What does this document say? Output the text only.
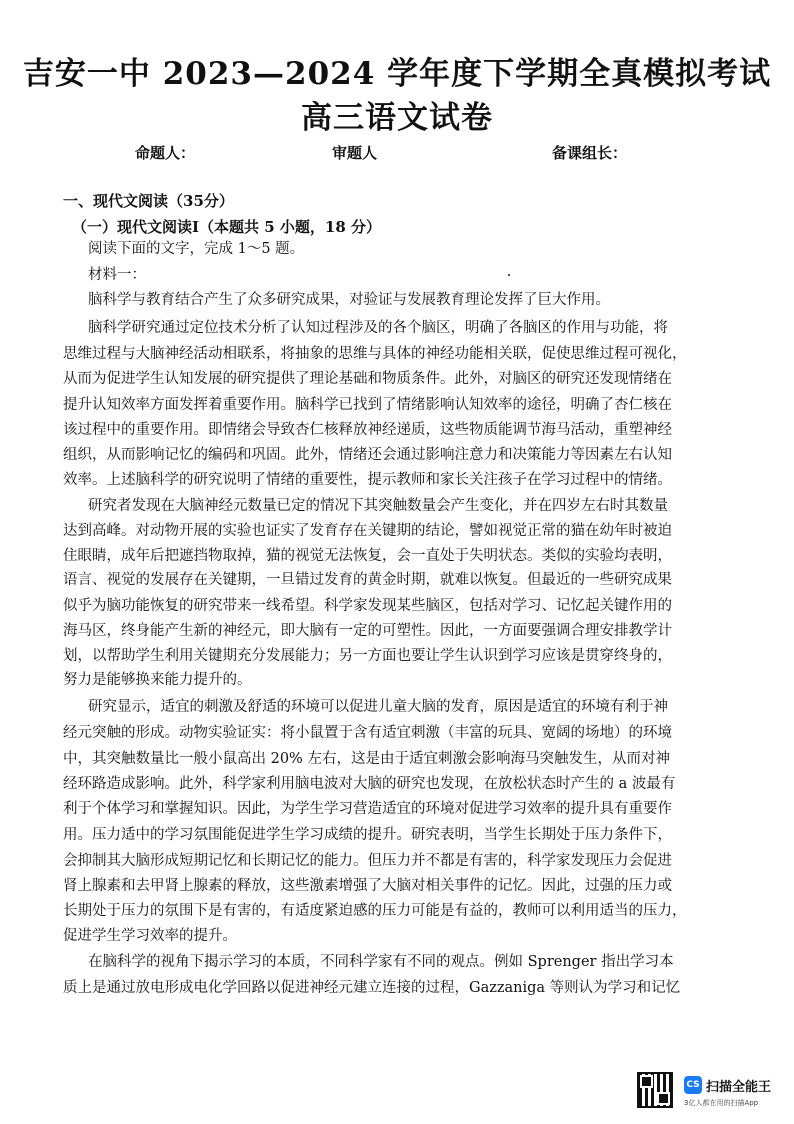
吉安一中 2023—2024 学年度下学期全真模拟考试
高三语文试卷
命题人：	审题人	备课组长：
一、现代文阅读（35分）
（一）现代文阅读Ⅰ（本题共 5 小题，18 分）
阅读下面的文字，完成 1～5 题。
材料一：
脑科学与教育结合产生了众多研究成果，对验证与发展教育理论发挥了巨大作用。
脑科学研究通过定位技术分析了认知过程涉及的各个脑区，明确了各脑区的作用与功能，将
思维过程与大脑神经活动相联系，将抽象的思维与具体的神经功能相关联，促使思维过程可视化，
从而为促进学生认知发展的研究提供了理论基础和物质条件。此外，对脑区的研究还发现情绪在
提升认知效率方面发挥着重要作用。脑科学已找到了情绪影响认知效率的途径，明确了杏仁核在
该过程中的重要作用。即情绪会导致杏仁核释放神经递质，这些物质能调节海马活动，重塑神经
组织，从而影响记忆的编码和巩固。此外，情绪还会通过影响注意力和决策能力等因素左右认知
效率。上述脑科学的研究说明了情绪的重要性，提示教师和家长关注孩子在学习过程中的情绪。
研究者发现在大脑神经元数量已定的情况下其突触数量会产生变化，并在四岁左右时其数量
达到高峰。对动物开展的实验也证实了发育存在关键期的结论，譬如视觉正常的猫在幼年时被迫
住眼睛，成年后把遮挡物取掉，猫的视觉无法恢复，会一直处于失明状态。类似的实验均表明，
语言、视觉的发展存在关键期，一旦错过发育的黄金时期，就难以恢复。但最近的一些研究成果
似乎为脑功能恢复的研究带来一线希望。科学家发现某些脑区，包括对学习、记忆起关键作用的
海马区，终身能产生新的神经元，即大脑有一定的可塑性。因此，一方面要强调合理安排教学计
划，以帮助学生利用关键期充分发展能力；另一方面也要让学生认识到学习应该是贯穿终身的，
努力是能够换来能力提升的。
研究显示，适宜的刺激及舒适的环境可以促进儿童大脑的发育，原因是适宜的环境有利于神
经元突触的形成。动物实验证实：将小鼠置于含有适宜刺激（丰富的玩具、宽阔的场地）的环境
中，其突触数量比一般小鼠高出 20% 左右，这是由于适宜刺激会影响海马突触发生，从而对神
经环路造成影响。此外，科学家利用脑电波对大脑的研究也发现，在放松状态时产生的 a 波最有
利于个体学习和掌握知识。因此，为学生学习营造适宜的环境对促进学习效率的提升具有重要作
用。压力适中的学习氛围能促进学生学习成绩的提升。研究表明，当学生长期处于压力条件下，
会抑制其大脑形成短期记忆和长期记忆的能力。但压力并不都是有害的，科学家发现压力会促进
肾上腺素和去甲肾上腺素的释放，这些激素增强了大脑对相关事件的记忆。因此，过强的压力或
长期处于压力的氛围下是有害的，有适度紧迫感的压力可能是有益的，教师可以利用适当的压力，
促进学生学习效率的提升。
在脑科学的视角下揭示学习的本质，不同科学家有不同的观点。例如 Sprenger 指出学习本
质上是通过放电形成电化学回路以促进神经元建立连接的过程，Gazzaniga 等则认为学习和记忆
CS 扫描全能王
3亿人都在用的扫描App
